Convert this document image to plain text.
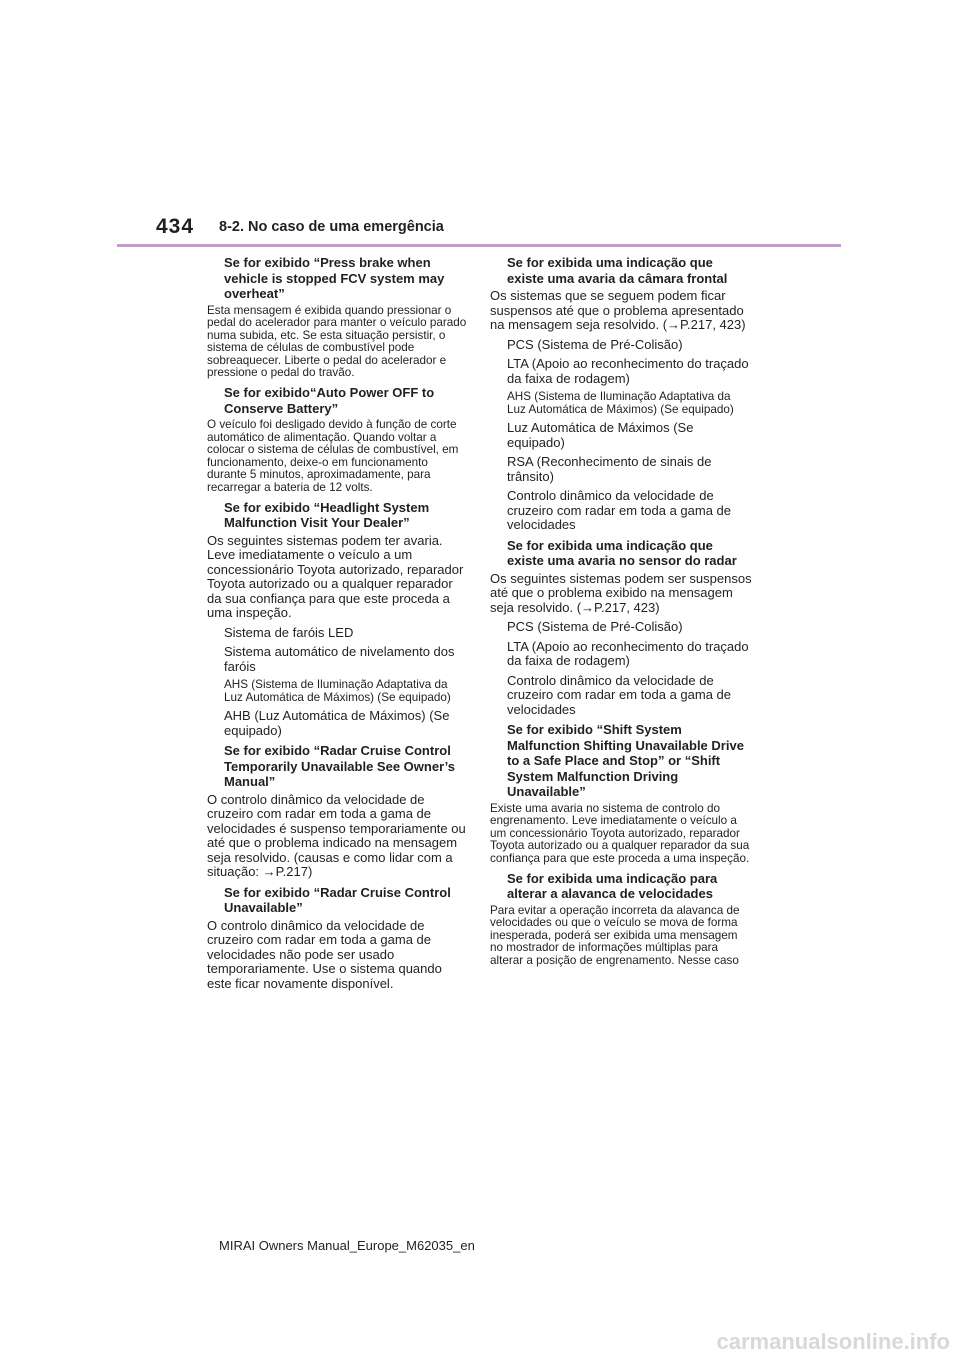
434 8-2. No caso de uma emergência
Se for exibido “Press brake when vehicle is stopped FCV system may overheat”
Esta mensagem é exibida quando pressionar o pedal do acelerador para manter o veículo parado numa subida, etc. Se esta situação persistir, o sistema de células de combustível pode sobreaquecer. Liberte o pedal do acelerador e pressione o pedal do travão.
Se for exibido“Auto Power OFF to Conserve Battery”
O veículo foi desligado devido à função de corte automático de alimentação. Quando voltar a colocar o sistema de células de combustível, em funcionamento, deixe-o em funcionamento durante 5 minutos, aproximadamente, para recarregar a bateria de 12 volts.
Se for exibido “Headlight System Malfunction Visit Your Dealer”
Os seguintes sistemas podem ter avaria. Leve imediatamente o veículo a um concessionário Toyota autorizado, reparador Toyota autorizado ou a qualquer reparador da sua confiança para que este proceda a uma inspeção.
Sistema de faróis LED
Sistema automático de nivelamento dos faróis
AHS (Sistema de Iluminação Adaptativa da Luz Automática de Máximos) (Se equipado)
AHB (Luz Automática de Máximos) (Se equipado)
Se for exibido “Radar Cruise Control Temporarily Unavailable See Owner’s Manual”
O controlo dinâmico da velocidade de cruzeiro com radar em toda a gama de velocidades é suspenso temporariamente ou até que o problema indicado na mensagem seja resolvido. (causas e como lidar com a situação: →P.217)
Se for exibido “Radar Cruise Control Unavailable”
O controlo dinâmico da velocidade de cruzeiro com radar em toda a gama de velocidades não pode ser usado temporariamente. Use o sistema quando este ficar novamente disponível.
Se for exibida uma indicação que existe uma avaria da câmara frontal
Os sistemas que se seguem podem ficar suspensos até que o problema apresentado na mensagem seja resolvido. (→P.217, 423)
PCS (Sistema de Pré-Colisão)
LTA (Apoio ao reconhecimento do traçado da faixa de rodagem)
AHS (Sistema de Iluminação Adaptativa da Luz Automática de Máximos) (Se equipado)
Luz Automática de Máximos (Se equipado)
RSA (Reconhecimento de sinais de trânsito)
Controlo dinâmico da velocidade de cruzeiro com radar em toda a gama de velocidades
Se for exibida uma indicação que existe uma avaria no sensor do radar
Os seguintes sistemas podem ser suspensos até que o problema exibido na mensagem seja resolvido. (→P.217, 423)
PCS (Sistema de Pré-Colisão)
LTA (Apoio ao reconhecimento do traçado da faixa de rodagem)
Controlo dinâmico da velocidade de cruzeiro com radar em toda a gama de velocidades
Se for exibido “Shift System Malfunction Shifting Unavailable Drive to a Safe Place and Stop” or “Shift System Malfunction Driving Unavailable”
Existe uma avaria no sistema de controlo do engrenamento. Leve imediatamente o veículo a um concessionário Toyota autorizado, reparador Toyota autorizado ou a qualquer reparador da sua confiança para que este proceda a uma inspeção.
Se for exibida uma indicação para alterar a alavanca de velocidades
Para evitar a operação incorreta da alavanca de velocidades ou que o veículo se mova de forma inesperada, poderá ser exibida uma mensagem no mostrador de informações múltiplas para alterar a posição de engrenamento. Nesse caso
MIRAI Owners Manual_Europe_M62035_en
carmanualsonline.info
